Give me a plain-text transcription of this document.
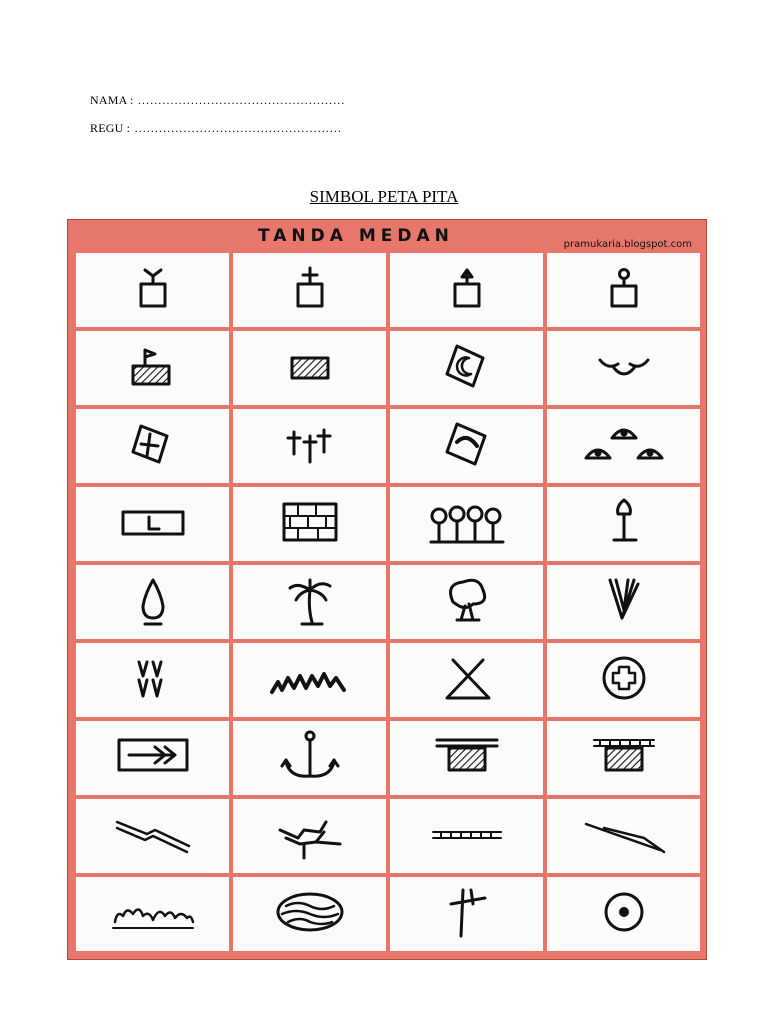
NAMA : ……………………………………………
REGU : ……………………………………………
SIMBOL PETA PITA
TANDA MEDAN	pramukaria.blogspot.com
